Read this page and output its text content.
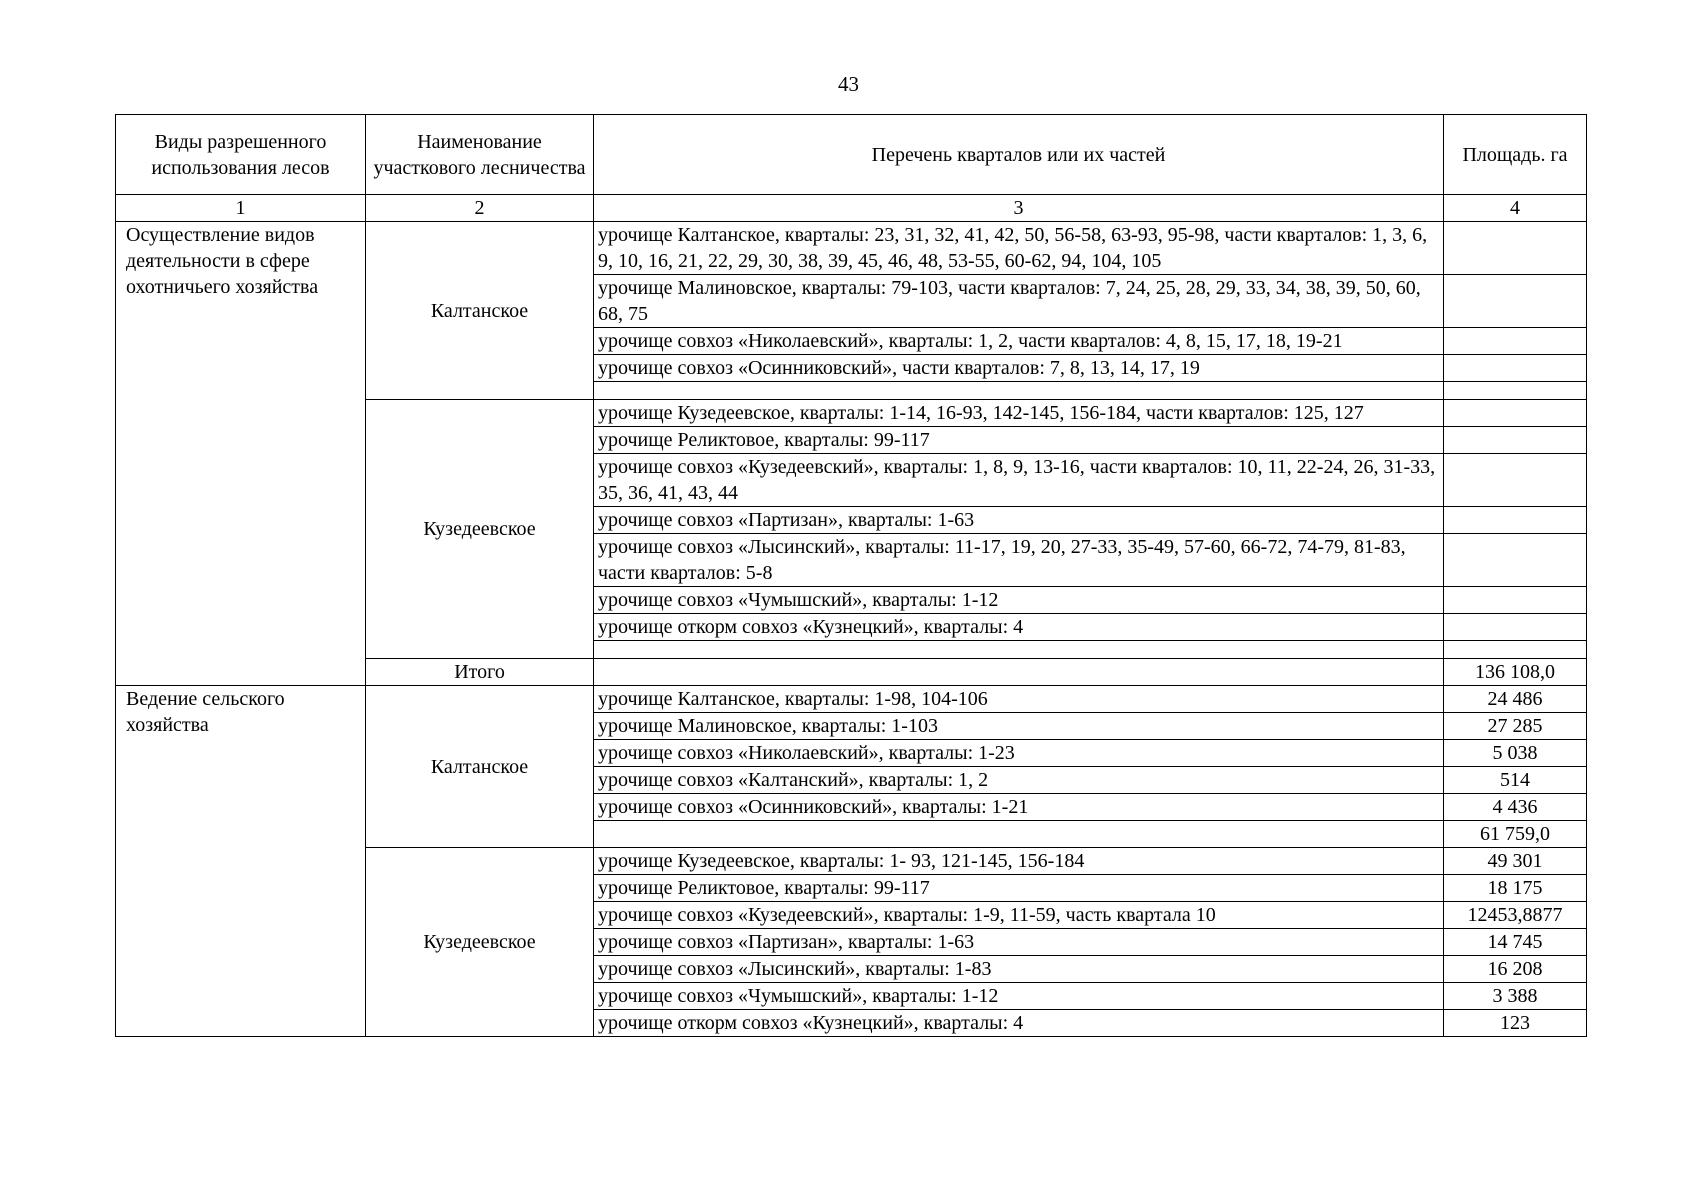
43
Виды разрешенного использования лесов	Наименование участкового лесничества	Перечень кварталов или их частей	Площадь. га
1	2	3	4
Осуществление видов деятельности в сфере охотничьего хозяйства	Калтанское	урочище Калтанское, кварталы: 23, 31, 32, 41, 42, 50, 56-58, 63-93, 95-98, части кварталов: 1, 3, 6, 9, 10, 16, 21, 22, 29, 30, 38, 39, 45, 46, 48, 53-55, 60-62, 94, 104, 105	
		урочище Малиновское, кварталы: 79-103, части кварталов: 7, 24, 25, 28, 29, 33, 34, 38, 39, 50, 60, 68, 75	
		урочище совхоз «Николаевский», кварталы: 1, 2, части кварталов: 4, 8, 15, 17, 18, 19-21	
		урочище совхоз «Осинниковский», части кварталов: 7, 8, 13, 14, 17, 19	

	Кузедеевское	урочище Кузедеевское, кварталы: 1-14, 16-93, 142-145, 156-184, части кварталов: 125, 127	
		урочище Реликтовое, кварталы: 99-117	
		урочище совхоз «Кузедеевский», кварталы: 1, 8, 9, 13-16, части кварталов: 10, 11, 22-24, 26, 31-33, 35, 36, 41, 43, 44	
		урочище совхоз «Партизан», кварталы: 1-63	
		урочище совхоз «Лысинский», кварталы: 11-17, 19, 20, 27-33, 35-49, 57-60, 66-72, 74-79, 81-83, части кварталов: 5-8	
		урочище совхоз «Чумышский», кварталы: 1-12	
		урочище откорм совхоз «Кузнецкий», кварталы: 4	

	Итого		136 108,0
Ведение сельского хозяйства	Калтанское	урочище Калтанское, кварталы: 1-98, 104-106	24 486
		урочище Малиновское, кварталы: 1-103	27 285
		урочище совхоз «Николаевский», кварталы: 1-23	5 038
		урочище совхоз «Калтанский», кварталы: 1, 2	514
		урочище совхоз «Осинниковский», кварталы: 1-21	4 436
			61 759,0
	Кузедеевское	урочище Кузедеевское, кварталы: 1- 93, 121-145, 156-184	49 301
		урочище Реликтовое, кварталы: 99-117	18 175
		урочище совхоз «Кузедеевский», кварталы: 1-9, 11-59, часть квартала 10	12453,8877
		урочище совхоз «Партизан», кварталы: 1-63	14 745
		урочище совхоз «Лысинский», кварталы: 1-83	16 208
		урочище совхоз «Чумышский», кварталы: 1-12	3 388
		урочище откорм совхоз «Кузнецкий», кварталы: 4	123
